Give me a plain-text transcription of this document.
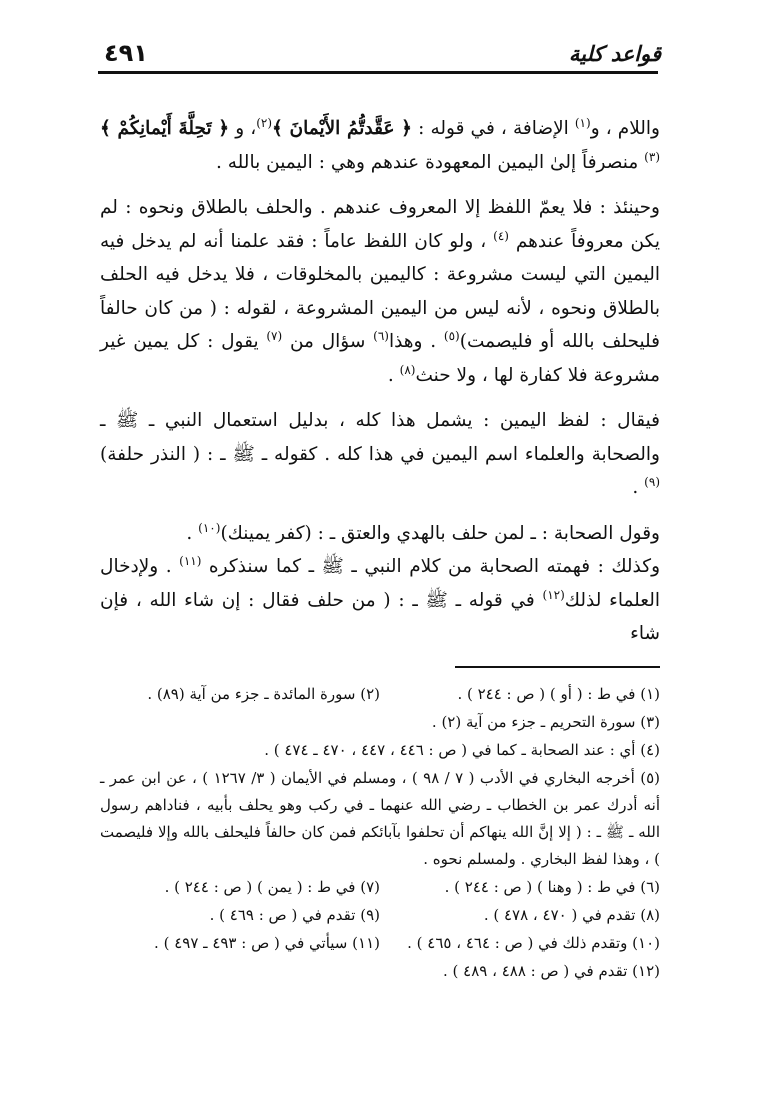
قواعد كلية
٤٩١

واللام ، و$^{(١)}$ الإضافة ، في قوله : ﴿ عَقَّدتُّمُ الأَيْمانَ ﴾$^{(٢)}$، و ﴿ تَحِلَّةَ أَيْمانِكُمْ ﴾$^{(٣)}$ منصرفاً إلىٰ اليمين المعهودة عندهم وهي : اليمين بالله .

وحينئذ : فلا يعمّ اللفظ إلا المعروف عندهم . والحلف بالطلاق ونحوه : لم يكن معروفاً عندهم $^{(٤)}$ ، ولو كان اللفظ عاماً : فقد علمنا أنه لم يدخل فيه اليمين التي ليست مشروعة : كاليمين بالمخلوقات ، فلا يدخل فيه الحلف بالطلاق ونحوه ، لأنه ليس من اليمين المشروعة ، لقوله : ( من كان حالفاً فليحلف بالله أو فليصمت)$^{(٥)}$ . وهذا$^{(٦)}$ سؤال من $^{(٧)}$ يقول : كل يمين غير مشروعة فلا كفارة لها ، ولا حنث$^{(٨)}$ .

فيقال : لفظ اليمين : يشمل هذا كله ، بدليل استعمال النبي ـ ﷺ ـ والصحابة والعلماء اسم اليمين في هذا كله . كقوله ـ ﷺ ـ : ( النذر حلفة)$^{(٩)}$ .

وقول الصحابة : ـ لمن حلف بالهدي والعتق ـ : (كفر يمينك)$^{(١٠)}$ .

وكذلك : فهمته الصحابة من كلام النبي ـ ﷺ ـ كما سنذكره $^{(١١)}$ . ولإدخال العلماء لذلك$^{(١٢)}$ في قوله ـ ﷺ ـ : ( من حلف فقال : إن شاء الله ، فإن شاء

(١) في ط : ( أو ) ( ص : ٢٤٤ ) .
(٢) سورة المائدة ـ جزء من آية (٨٩) .
(٣) سورة التحريم ـ جزء من آية (٢) .
(٤) أي : عند الصحابة ـ كما في ( ص : ٤٤٦ ، ٤٤٧ ، ٤٧٠ ـ ٤٧٤ ) .
(٥) أخرجه البخاري في الأدب ( ٧ / ٩٨ ) ، ومسلم في الأيمان ( ٣/ ١٢٦٧ ) ، عن ابن عمر ـ أنه أدرك عمر بن الخطاب ـ رضي الله عنهما ـ في ركب وهو يحلف بأبيه ، فناداهم رسول الله ـ ﷺ ـ : ( إلا إنَّ الله ينهاكم أن تحلفوا بآبائكم فمن كان حالفاً فليحلف بالله وإلا فليصمت ) ، وهذا لفظ البخاري . ولمسلم نحوه .
(٦) في ط : ( وهنا ) ( ص : ٢٤٤ ) .
(٧) في ط : ( يمن ) ( ص : ٢٤٤ ) .
(٨) تقدم في ( ٤٧٠ ، ٤٧٨ ) .
(٩) تقدم في ( ص : ٤٦٩ ) .
(١٠) وتقدم ذلك في ( ص : ٤٦٤ ، ٤٦٥ ) .
(١١) سيأتي في ( ص : ٤٩٣ ـ ٤٩٧ ) .
(١٢) تقدم في ( ص : ٤٨٨ ، ٤٨٩ ) .
